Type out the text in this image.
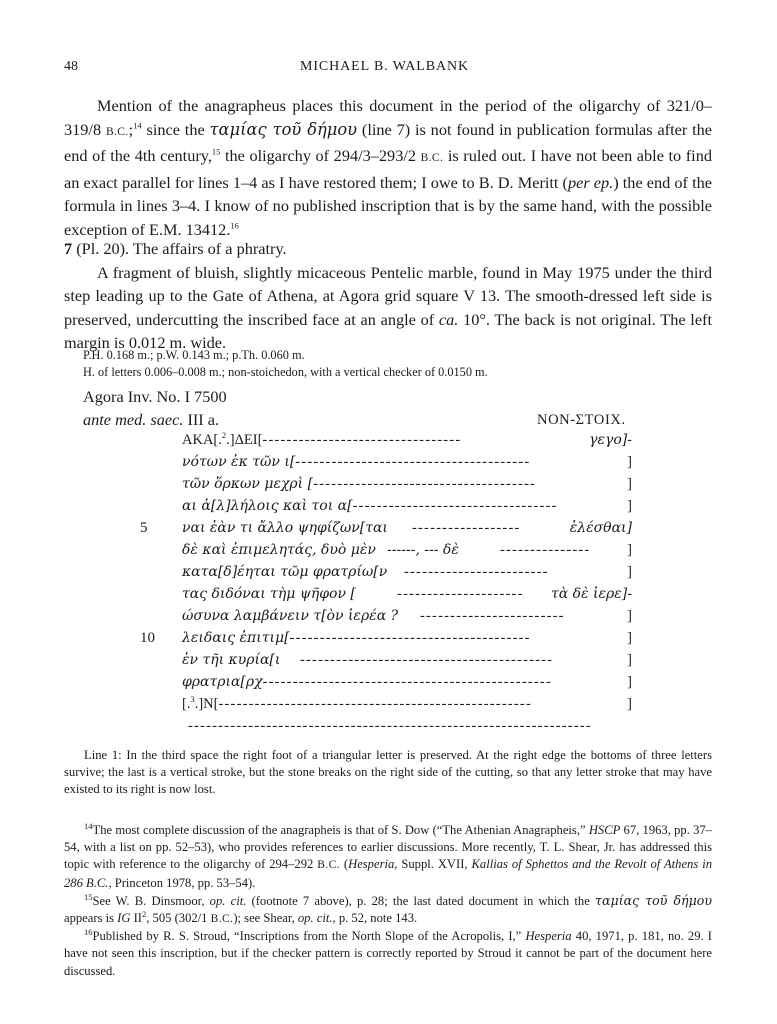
48	MICHAEL B. WALBANK

Mention of the anagrapheus places this document in the period of the oligarchy of 321/0–319/8 B.C.;$^{14}$ since the ταμίας τοῦ δήμου (line 7) is not found in publication formulas after the end of the 4th century,$^{15}$ the oligarchy of 294/3–293/2 B.C. is ruled out. I have not been able to find an exact parallel for lines 1–4 as I have restored them; I owe to B. D. Meritt (per ep.) the end of the formula in lines 3–4. I know of no published inscription that is by the same hand, with the possible exception of E.M. 13412.16

7 (Pl. 20). The affairs of a phratry.

A fragment of bluish, slightly micaceous Pentelic marble, found in May 1975 under the third step leading up to the Gate of Athena, at Agora grid square V 13. The smooth-dressed left side is preserved, undercutting the inscribed face at an angle of ca. 10°. The back is not original. The left margin is 0.012 m. wide.

P.H. 0.168 m.; p.W. 0.143 m.; p.Th. 0.060 m.
H. of letters 0.006–0.008 m.; non-stoichedon, with a vertical checker of 0.0150 m.
Agora Inv. No. I 7500
ante med. saec. III a.	NON-ΣΤΟΙΧ.
ΑΚΑ[.$^2$.]ΔΕΙ[---------------------------------	γεγο]-
νότων ἐκ τῶν ι[---------------------------------------	]
τῶν ὅρκων μεχρὶ [-------------------------------------	]
αι ἀ[λ]λήλοις καὶ τοι α[----------------------------------	]
5 ναι ἐὰν τι ἄλλο ψηφίζων[ται ------------------	ἑλέσθαι]
δὲ καὶ ἐπιμελητάς, δυὸ μὲν ------, --- δὲ	---------------	]
κατα[δ]έηται τῶμ φρατρίω[ν ------------------------	]
τας διδόναι τὴμ ψῆφον [	--------------------- τὰ δὲ ἱερε]-
ώσυνα λαμβάνειν τ[ὸν ἱερέα ? ------------------------	]
10 λειδαις ἐπιτιμ[----------------------------------------	]
ἐν τῆι κυρία[ι ------------------------------------------	]
φρατρια[ρχ------------------------------------------------	]
[.$^3$.]Ν[----------------------------------------------------	]
-------------------------------------------------------------------

Line 1: In the third space the right foot of a triangular letter is preserved. At the right edge the bottoms of three letters survive; the last is a vertical stroke, but the stone breaks on the right side of the cutting, so that any letter stroke that may have existed to its right is now lost.

$^{14}$The most complete discussion of the anagrapheis is that of S. Dow (“The Athenian Anagrapheis,” HSCP 67, 1963, pp. 37–54, with a list on pp. 52–53), who provides references to earlier discussions. More recently, T. L. Shear, Jr. has addressed this topic with reference to the oligarchy of 294–292 B.C. (Hesperia, Suppl. XVII, Kallias of Sphettos and the Revolt of Athens in 286 B.C., Princeton 1978, pp. 53–54).

$^{15}$See W. B. Dinsmoor, op. cit. (footnote 7 above), p. 28; the last dated document in which the ταμίας τοῦ δήμου appears is IG $II^2$, 505 (302/1 B.C.); see Shear, op. cit., p. 52, note 143.

$^{16}$Published by R. S. Stroud, “Inscriptions from the North Slope of the Acropolis, I,” Hesperia 40, 1971, p. 181, no. 29. I have not seen this inscription, but if the checker pattern is correctly reported by Stroud it cannot be part of the document here discussed.
